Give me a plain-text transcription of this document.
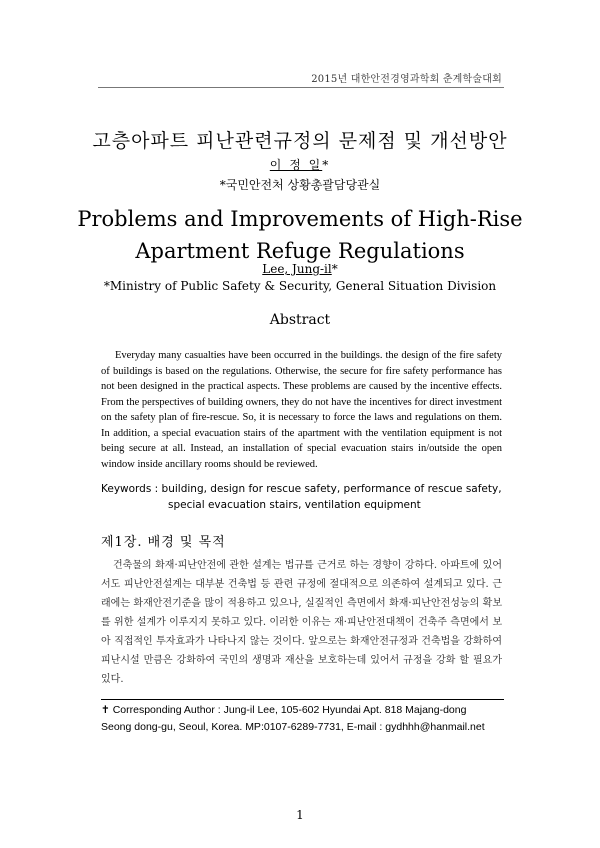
2015년 대한안전경영과학회 춘계학술대회
고층아파트 피난관련규정의 문제점 및 개선방안
이 정 일*
*국민안전처 상황총괄담당관실
Problems and Improvements of High-Rise
Apartment Refuge Regulations
Lee, Jung-il*
*Ministry of Public Safety & Security, General Situation Division
Abstract
Everyday many casualties have been occurred in the buildings. the design of the fire safety of buildings is based on the regulations. Otherwise, the secure for fire safety performance has not been designed in the practical aspects. These problems are caused by the incentive effects. From the perspectives of building owners, they do not have the incentives for direct investment on the safety plan of fire-rescue. So, it is necessary to force the laws and regulations on them. In addition, a special evacuation stairs of the apartment with the ventilation equipment is not being secure at all. Instead, an installation of special evacuation stairs in/outside the open window inside ancillary rooms should be reviewed.
Keywords : building, design for rescue safety, performance of rescue safety,
special evacuation stairs, ventilation equipment
제1장. 배경 및 목적
건축물의 화재·피난안전에 관한 설계는 법규를 근거로 하는 경향이 강하다. 아파트에 있어서도 피난안전설계는 대부분 건축법 등 관련 규정에 절대적으로 의존하여 설계되고 있다. 근래에는 화재안전기준을 많이 적용하고 있으나, 실질적인 측면에서 화재·피난안전성능의 확보를 위한 설계가 이루지지 못하고 있다. 이러한 이유는 재·피난안전대책이 건축주 측면에서 보아 직접적인 투자효과가 나타나지 않는 것이다. 앞으로는 화재안전규정과 건축법을 강화하여 피난시설 만큼은 강화하여 국민의 생명과 재산을 보호하는데 있어서 규정을 강화 할 필요가 있다.
✝ Corresponding Author : Jung-il Lee, 105-602 Hyundai Apt. 818 Majang-dong
Seong dong-gu, Seoul, Korea. MP:0107-6289-7731, E-mail : gydhhh@hanmail.net
1
